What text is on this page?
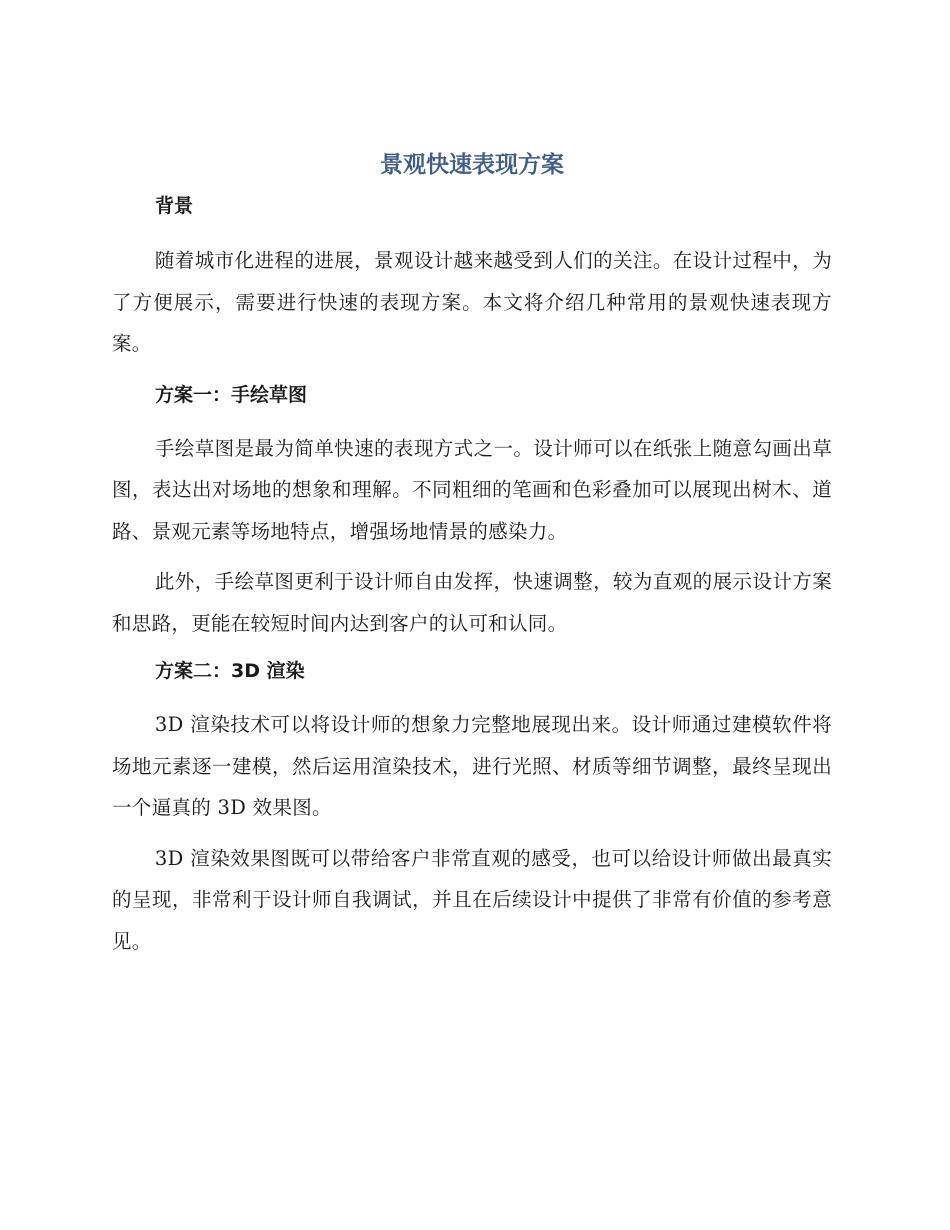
景观快速表现方案
背景

随着城市化进程的进展，景观设计越来越受到人们的关注。在设计过程中，为了方便展示，需要进行快速的表现方案。本文将介绍几种常用的景观快速表现方案。

方案一：手绘草图

手绘草图是最为简单快速的表现方式之一。设计师可以在纸张上随意勾画出草图，表达出对场地的想象和理解。不同粗细的笔画和色彩叠加可以展现出树木、道路、景观元素等场地特点，增强场地情景的感染力。

此外，手绘草图更利于设计师自由发挥，快速调整，较为直观的展示设计方案和思路，更能在较短时间内达到客户的认可和认同。

方案二：3D 渲染

3D 渲染技术可以将设计师的想象力完整地展现出来。设计师通过建模软件将场地元素逐一建模，然后运用渲染技术，进行光照、材质等细节调整，最终呈现出一个逼真的 3D 效果图。

3D 渲染效果图既可以带给客户非常直观的感受，也可以给设计师做出最真实的呈现，非常利于设计师自我调试，并且在后续设计中提供了非常有价值的参考意见。
